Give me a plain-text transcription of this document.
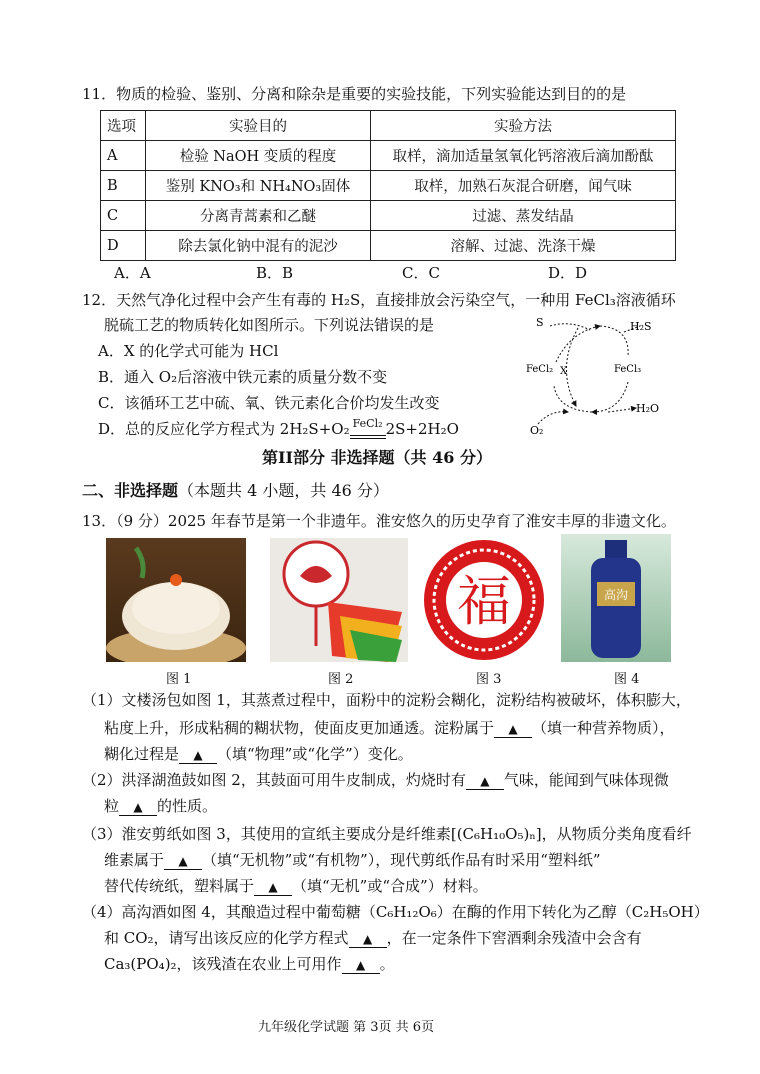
11．物质的检验、鉴别、分离和除杂是重要的实验技能，下列实验能达到目的的是
选项	实验目的	实验方法
A	检验 NaOH 变质的程度	取样，滴加适量氢氧化钙溶液后滴加酚酞
B	鉴别 KNO₃和 NH₄NO₃固体	取样，加熟石灰混合研磨，闻气味
C	分离青蒿素和乙醚	过滤、蒸发结晶
D	除去氯化钠中混有的泥沙	溶解、过滤、洗涤干燥
A．A	B．B	C．C	D．D
12．天然气净化过程中会产生有毒的 H₂S，直接排放会污染空气，一种用 FeCl₃溶液循环
脱硫工艺的物质转化如图所示。下列说法错误的是
A．X 的化学式可能为 HCl
B．通入 O₂后溶液中铁元素的质量分数不变
C．该循环工艺中硫、氧、铁元素化合价均发生改变
D．总的反应化学方程式为 2H₂S+O₂ FeCl₂ 2S+2H₂O
S	H₂S
FeCl₂ X	FeCl₃
H₂O
O₂
第II部分 非选择题（共 46 分）
二、非选择题（本题共 4 小题，共 46 分）
13．（9 分）2025 年春节是第一个非遗年。淮安悠久的历史孕育了淮安丰厚的非遗文化。
图 1	图 2
福
图 3
高沟
图 4
（1）文楼汤包如图 1，其蒸煮过程中，面粉中的淀粉会糊化，淀粉结构被破坏，体积膨大，
粘度上升，形成粘稠的糊状物，使面皮更加通透。淀粉属于 ▲ （填一种营养物质），
糊化过程是 ▲ （填“物理”或“化学”）变化。
（2）洪泽湖渔鼓如图 2，其鼓面可用牛皮制成，灼烧时有 ▲ 气味，能闻到气味体现微
粒 ▲ 的性质。
（3）淮安剪纸如图 3，其使用的宣纸主要成分是纤维素[(C₆H₁₀O₅)ₙ]，从物质分类角度看纤
维素属于 ▲ （填“无机物”或“有机物”），现代剪纸作品有时采用“塑料纸”
替代传统纸，塑料属于 ▲ （填“无机”或“合成”）材料。
（4）高沟酒如图 4，其酿造过程中葡萄糖（C₆H₁₂O₆）在酶的作用下转化为乙醇（C₂H₅OH）
和 CO₂，请写出该反应的化学方程式 ▲ ，在一定条件下窖酒剩余残渣中会含有
Ca₃(PO₄)₂，该残渣在农业上可用作 ▲ 。
九年级化学试题 第 3页 共 6页
